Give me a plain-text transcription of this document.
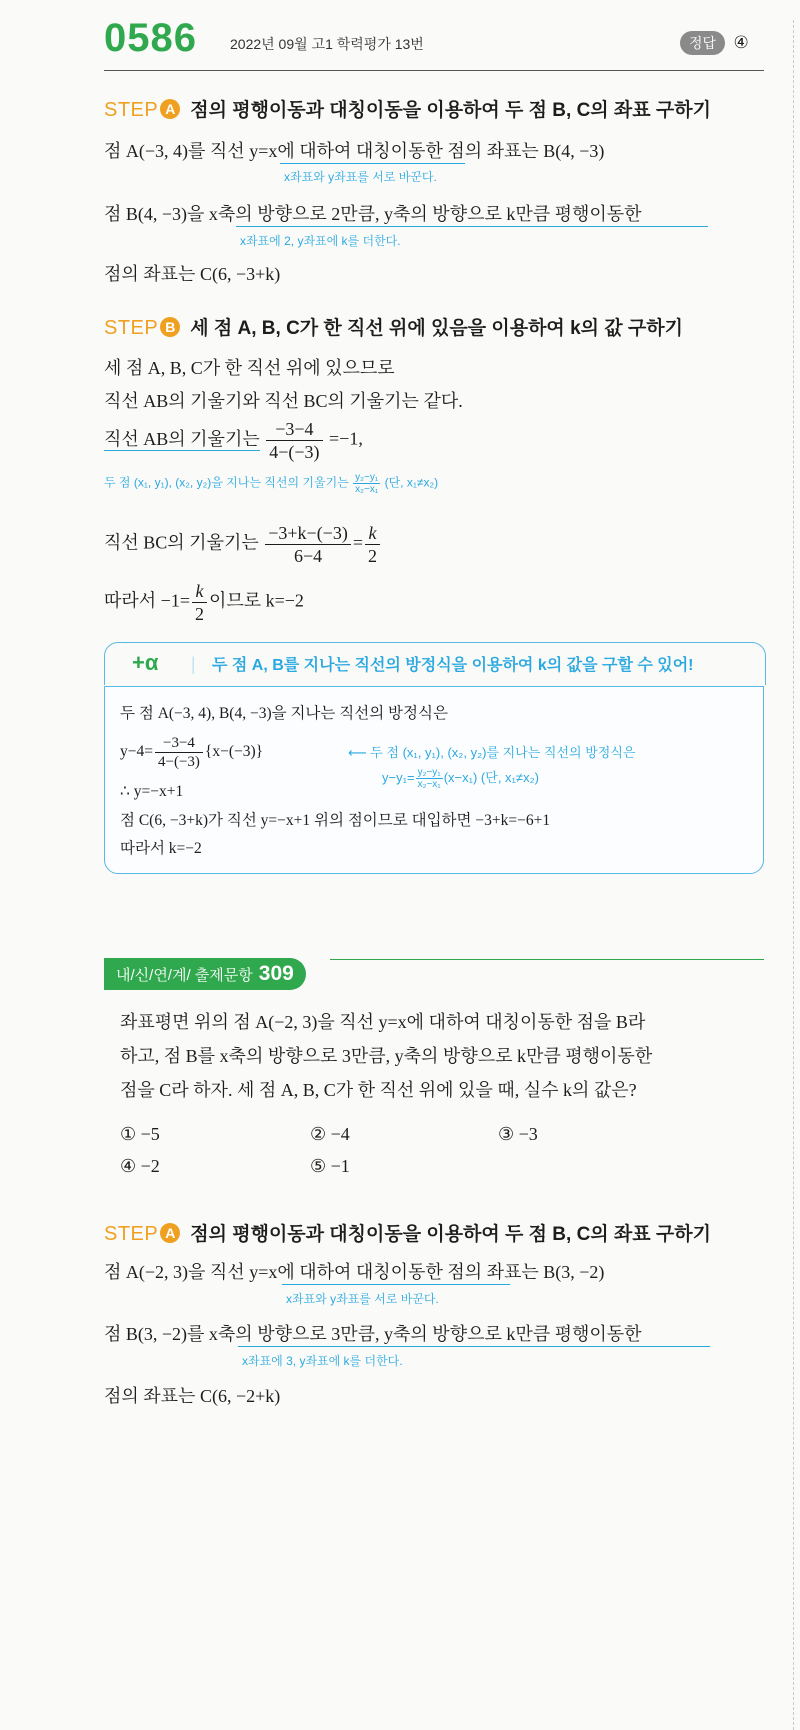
0586 2022년 09월 고1 학력평가 13번	정답 ④
STEP A 점의 평행이동과 대칭이동을 이용하여 두 점 B, C의 좌표 구하기
점 A(−3, 4)를 직선 y=x에 대하여 대칭이동한 점의 좌표는 B(4, −3)
x좌표와 y좌표를 서로 바꾼다.
점 B(4, −3)을 x축의 방향으로 2만큼, y축의 방향으로 k만큼 평행이동한
x좌표에 2, y좌표에 k를 더한다.
점의 좌표는 C(6, −3+k)
STEP B 세 점 A, B, C가 한 직선 위에 있음을 이용하여 k의 값 구하기
세 점 A, B, C가 한 직선 위에 있으므로
직선 AB의 기울기와 직선 BC의 기울기는 같다.
직선 AB의 기울기는 $\frac{-3-4}{4-(-3)} =-1$,
두 점 (x₁, y₁), (x₂, y₂)을 지나는 직선의 기울기는 $\frac{\text{y₂−y₁}}{\text{x₂−x₁}}$ (단, x₁≠x₂)
직선 BC의 기울기는 $\frac{-3+k-(-3)}{6-4} = \frac{k}{2}$
따라서 $-1= \frac{k}{2}$ 이므로 k=−2
+α | 두 점 A, B를 지나는 직선의 방정식을 이용하여 k의 값을 구할 수 있어!
두 점 A(−3, 4), B(4, −3)을 지나는 직선의 방정식은
$y-4= \frac{-3-4}{4-(-3)} \{x-(-3)\}$	⟵ 두 점 (x₁, y₁), (x₂, y₂)를 지나는 직선의 방정식은
$y-y_1= \frac{\text{y₂−y₁}}{\text{x₂−x₁}} (x-x_1)$ (단, x₁≠x₂)
∴ y=−x+1
점 C(6, −3+k)가 직선 y=−x+1 위의 점이므로 대입하면 −3+k=−6+1
따라서 k=−2
내/신/연/계/ 출제문항 309
좌표평면 위의 점 A(−2, 3)을 직선 y=x에 대하여 대칭이동한 점을 B라
하고, 점 B를 x축의 방향으로 3만큼, y축의 방향으로 k만큼 평행이동한
점을 C라 하자. 세 점 A, B, C가 한 직선 위에 있을 때, 실수 k의 값은?
① −5	② −4	③ −3
④ −2	⑤ −1
STEP A 점의 평행이동과 대칭이동을 이용하여 두 점 B, C의 좌표 구하기
점 A(−2, 3)을 직선 y=x에 대하여 대칭이동한 점의 좌표는 B(3, −2)
x좌표와 y좌표를 서로 바꾼다.
점 B(3, −2)를 x축의 방향으로 3만큼, y축의 방향으로 k만큼 평행이동한
x좌표에 3, y좌표에 k를 더한다.
점의 좌표는 C(6, −2+k)
